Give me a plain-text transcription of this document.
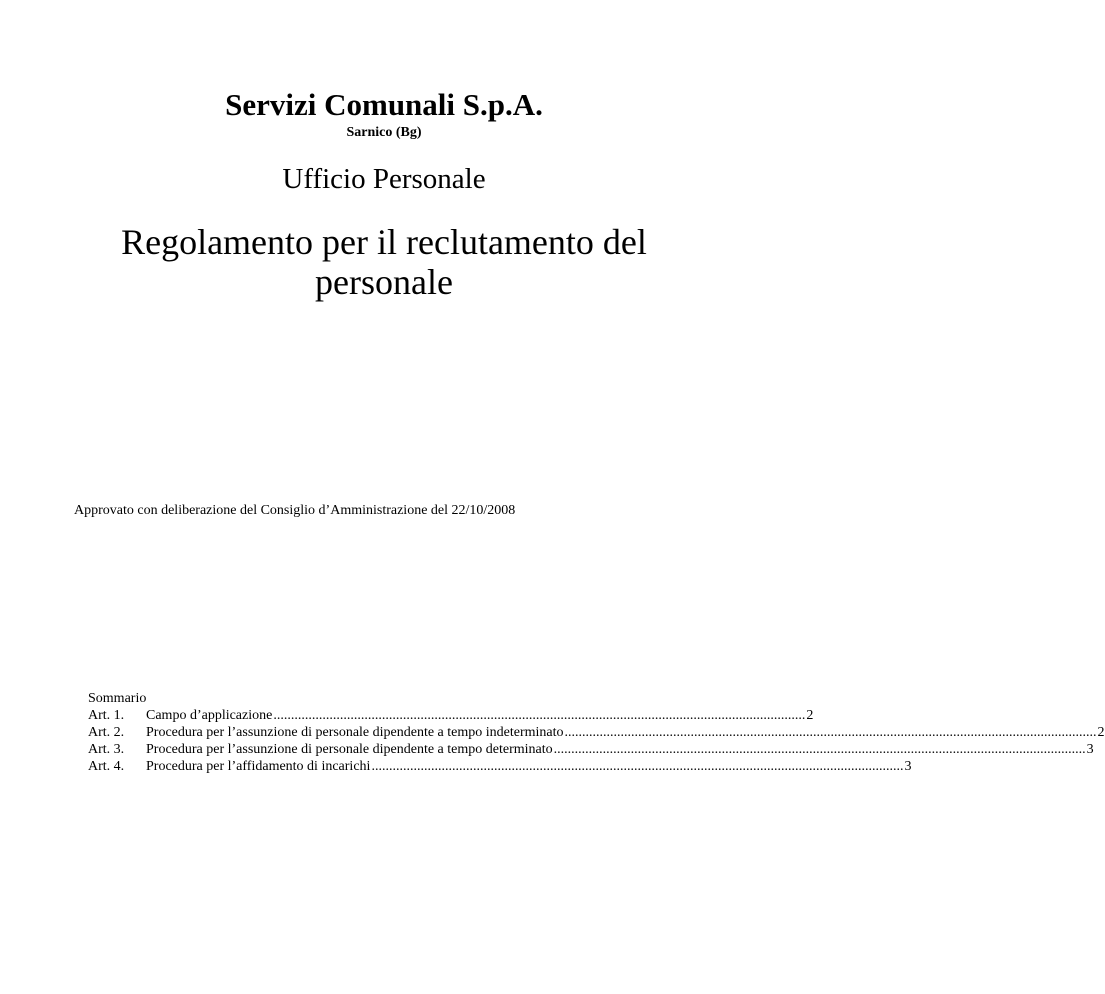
Servizi Comunali S.p.A.
Sarnico (Bg)
Ufficio Personale
Regolamento per il reclutamento del
personale
Approvato con deliberazione del Consiglio d’Amministrazione del 22/10/2008
Sommario
Art. 1.	Campo d’applicazione ........................................................................................................................................................ 2
Art. 2.	Procedura per l’assunzione di personale dipendente a tempo indeterminato ........................................................................................................................................................ 2
Art. 3.	Procedura per l’assunzione di personale dipendente a tempo determinato ........................................................................................................................................................ 3
Art. 4.	Procedura per l’affidamento di incarichi ........................................................................................................................................................ 3
